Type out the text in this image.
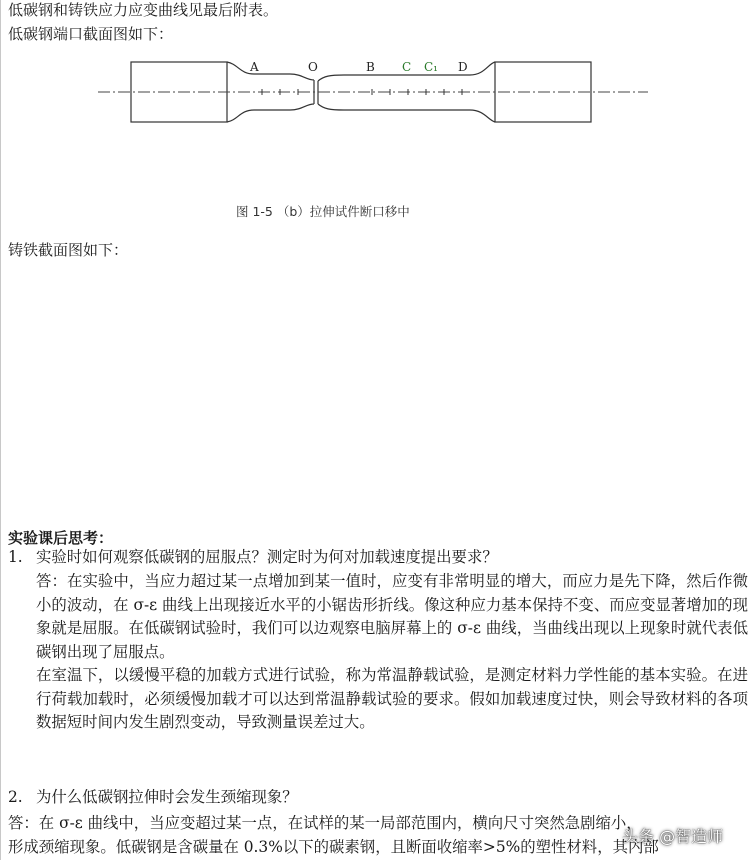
低碳钢和铸铁应力应变曲线见最后附表。
低碳钢端口截面图如下：
A	O	B C C₁ D
图 1-5 （b）拉伸试件断口移中
铸铁截面图如下：
实验课后思考：
1. 实验时如何观察低碳钢的屈服点？测定时为何对加载速度提出要求？
答：在实验中，当应力超过某一点增加到某一值时，应变有非常明显的增大，而应力是先下降，然后作微小的波动，在 σ-ε 曲线上出现接近水平的小锯齿形折线。像这种应力基本保持不变、而应变显著增加的现象就是屈服。在低碳钢试验时，我们可以边观察电脑屏幕上的 σ-ε 曲线，当曲线出现以上现象时就代表低碳钢出现了屈服点。
在室温下，以缓慢平稳的加载方式进行试验，称为常温静载试验，是测定材料力学性能的基本实验。在进行荷载加载时，必须缓慢加载才可以达到常温静载试验的要求。假如加载速度过快，则会导致材料的各项数据短时间内发生剧烈变动，导致测量误差过大。
2. 为什么低碳钢拉伸时会发生颈缩现象？
答：在 σ-ε 曲线中，当应变超过某一点，在试样的某一局部范围内，横向尺寸突然急剧缩小，
形成颈缩现象。低碳钢是含碳量在 0.3%以下的碳素钢，且断面收缩率>5%的塑性材料，其内部
头条 @智造师
